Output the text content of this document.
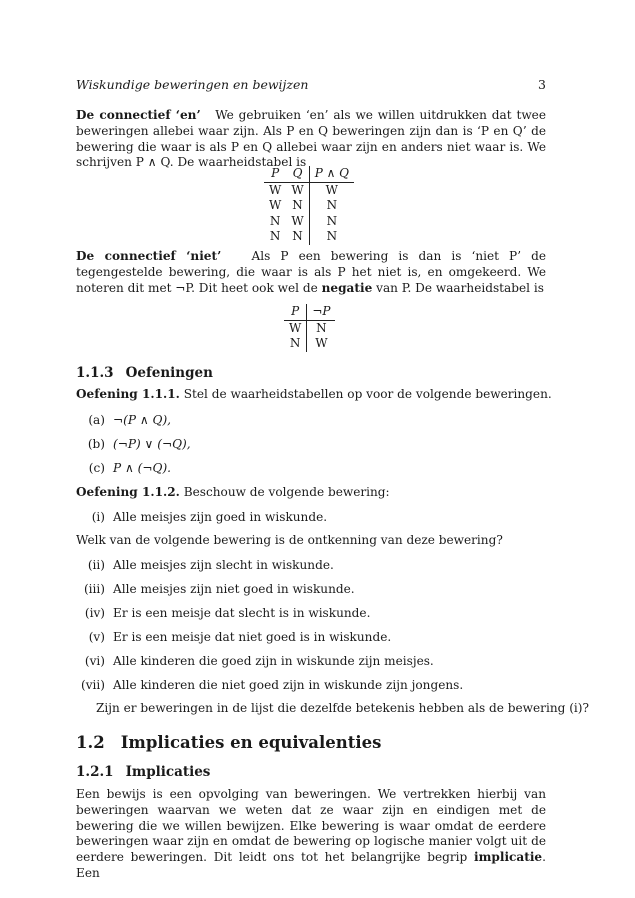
Wiskundige beweringen en bewijzen	3
De connectief ‘en’ We gebruiken ‘en’ als we willen uitdrukken dat twee beweringen allebei waar zijn. Als P en Q beweringen zijn dan is ‘P en Q’ de bewering die waar is als P en Q allebei waar zijn en anders niet waar is. We schrijven P ∧ Q. De waarheidstabel is
P	Q	P ∧ Q
W	W	W
W	N	N
N	W	N
N	N	N
De connectief ‘niet’ Als P een bewering is dan is ‘niet P’ de tegengestelde bewering, die waar is als P het niet is, en omgekeerd. We noteren dit met ¬P. Dit heet ook wel de negatie van P. De waarheidstabel is
P	¬P
W	N
N	W
1.1.3 Oefeningen
Oefening 1.1.1. Stel de waarheidstabellen op voor de volgende beweringen.
(a) ¬(P ∧ Q),
(b) (¬P) ∨ (¬Q),
(c) P ∧ (¬Q).
Oefening 1.1.2. Beschouw de volgende bewering:
(i) Alle meisjes zijn goed in wiskunde.
Welk van de volgende bewering is de ontkenning van deze bewering?
(ii) Alle meisjes zijn slecht in wiskunde.
(iii) Alle meisjes zijn niet goed in wiskunde.
(iv) Er is een meisje dat slecht is in wiskunde.
(v) Er is een meisje dat niet goed is in wiskunde.
(vi) Alle kinderen die goed zijn in wiskunde zijn meisjes.
(vii) Alle kinderen die niet goed zijn in wiskunde zijn jongens.
Zijn er beweringen in de lijst die dezelfde betekenis hebben als de bewering (i)?
1.2 Implicaties en equivalenties
1.2.1 Implicaties
Een bewijs is een opvolging van beweringen. We vertrekken hierbij van beweringen waarvan we weten dat ze waar zijn en eindigen met de bewering die we willen bewijzen. Elke bewering is waar omdat de eerdere beweringen waar zijn en omdat de bewering op logische manier volgt uit de eerdere beweringen. Dit leidt ons tot het belangrijke begrip implicatie. Een
